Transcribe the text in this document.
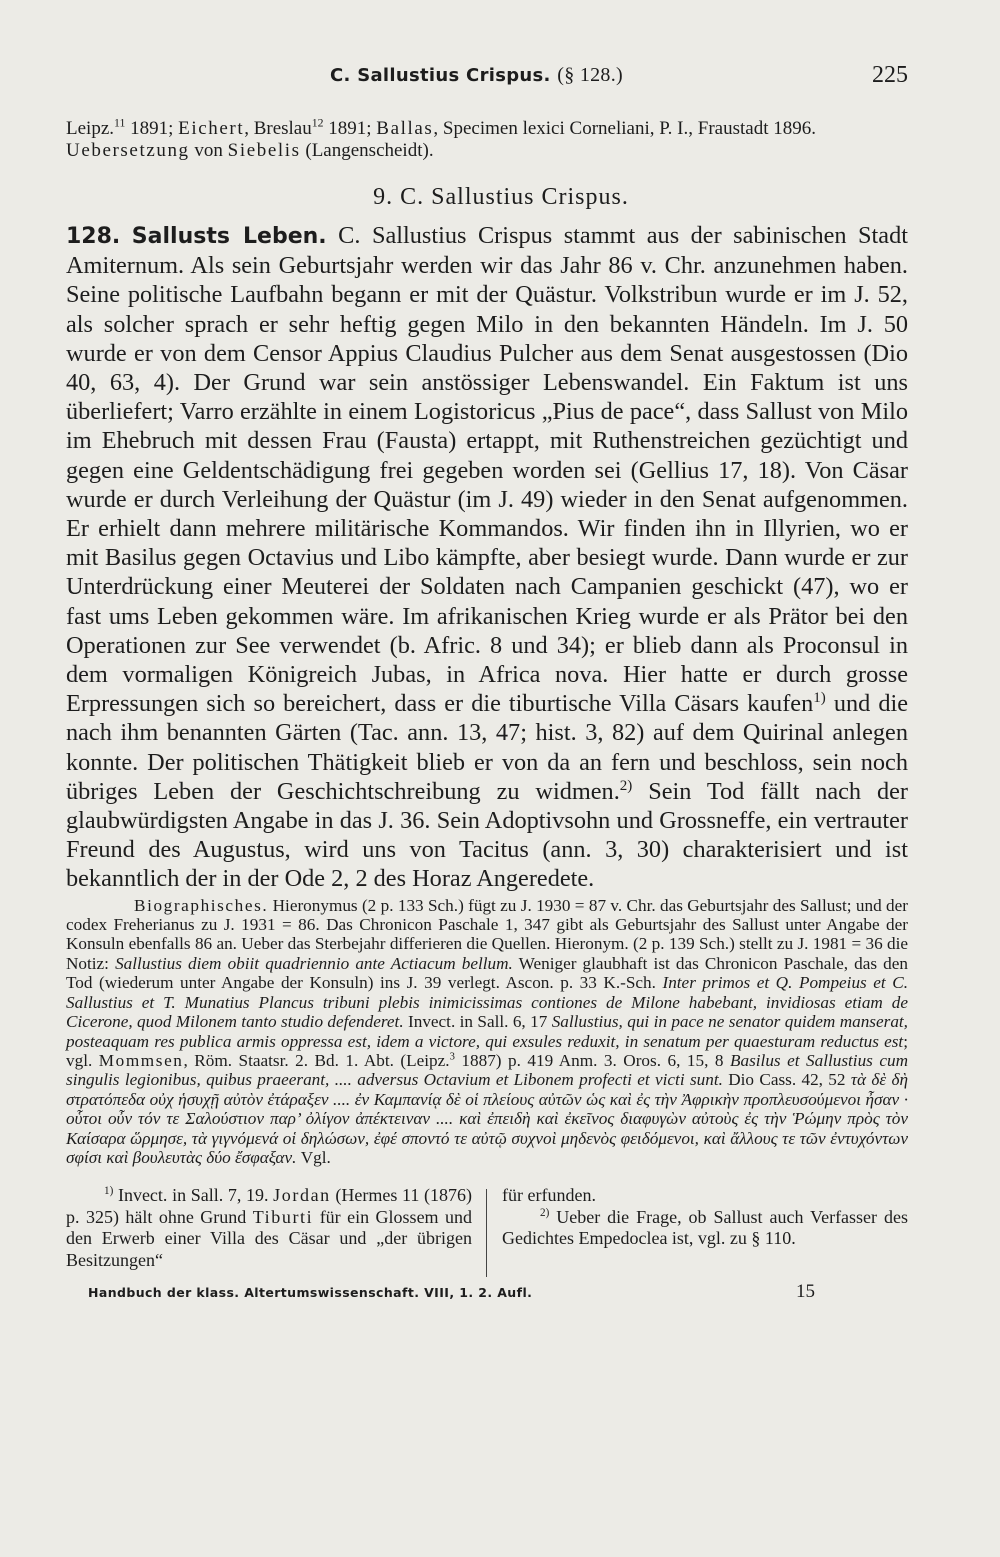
C. Sallustius Crispus. (§ 128.)	225

Leipz.$^{11}$ 1891; Eichert, Breslau$^{12}$ 1891; Ballas, Specimen lexici Corneliani, P. I., Fraustadt 1896.

Uebersetzung von Siebelis (Langenscheidt).

9. C. Sallustius Crispus.

128. Sallusts Leben. C. Sallustius Crispus stammt aus der sabinischen Stadt Amiternum. Als sein Geburtsjahr werden wir das Jahr 86 v. Chr. anzunehmen haben. Seine politische Laufbahn begann er mit der Quästur. Volkstribun wurde er im J. 52, als solcher sprach er sehr heftig gegen Milo in den bekannten Händeln. Im J. 50 wurde er von dem Censor Appius Claudius Pulcher aus dem Senat ausgestossen (Dio 40, 63, 4). Der Grund war sein anstössiger Lebenswandel. Ein Faktum ist uns überliefert; Varro erzählte in einem Logistoricus „Pius de pace“, dass Sallust von Milo im Ehebruch mit dessen Frau (Fausta) ertappt, mit Ruthenstreichen gezüchtigt und gegen eine Geldentschädigung frei gegeben worden sei (Gellius 17, 18). Von Cäsar wurde er durch Verleihung der Quästur (im J. 49) wieder in den Senat aufgenommen. Er erhielt dann mehrere militärische Kommandos. Wir finden ihn in Illyrien, wo er mit Basilus gegen Octavius und Libo kämpfte, aber besiegt wurde. Dann wurde er zur Unterdrückung einer Meuterei der Soldaten nach Campanien geschickt (47), wo er fast ums Leben gekommen wäre. Im afrikanischen Krieg wurde er als Prätor bei den Operationen zur See verwendet (b. Afric. 8 und 34); er blieb dann als Proconsul in dem vormaligen Königreich Jubas, in Africa nova. Hier hatte er durch grosse Erpressungen sich so bereichert, dass er die tiburtische Villa Cäsars kaufen$^{1)}$ und die nach ihm benannten Gärten (Tac. ann. 13, 47; hist. 3, 82) auf dem Quirinal anlegen konnte. Der politischen Thätigkeit blieb er von da an fern und beschloss, sein noch übriges Leben der Geschichtschreibung zu widmen.$^{2)}$ Sein Tod fällt nach der glaubwürdigsten Angabe in das J. 36. Sein Adoptivsohn und Grossneffe, ein vertrauter Freund des Augustus, wird uns von Tacitus (ann. 3, 30) charakterisiert und ist bekanntlich der in der Ode 2, 2 des Horaz Angeredete.

Biographisches. Hieronymus (2 p. 133 Sch.) fügt zu J. 1930 = 87 v. Chr. das Geburtsjahr des Sallust; und der codex Freherianus zu J. 1931 = 86. Das Chronicon Paschale 1, 347 gibt als Geburtsjahr des Sallust unter Angabe der Konsuln ebenfalls 86 an. Ueber das Sterbejahr differieren die Quellen. Hieronym. (2 p. 139 Sch.) stellt zu J. 1981 = 36 die Notiz: Sallustius diem obiit quadriennio ante Actiacum bellum. Weniger glaubhaft ist das Chronicon Paschale, das den Tod (wiederum unter Angabe der Konsuln) ins J. 39 verlegt. Ascon. p. 33 K.-Sch. Inter primos et Q. Pompeius et C. Sallustius et T. Munatius Plancus tribuni plebis inimicissimas contiones de Milone habebant, invidiosas etiam de Cicerone, quod Milonem tanto studio defenderet. Invect. in Sall. 6, 17 Sallustius, qui in pace ne senator quidem manserat, posteaquam res publica armis oppressa est, idem a victore, qui exsules reduxit, in senatum per quaesturam reductus est; vgl. Mommsen, Röm. Staatsr. 2. Bd. 1. Abt. (Leipz.$^3$ 1887) p. 419 Anm. 3. Oros. 6, 15, 8 Basilus et Sallustius cum singulis legionibus, quibus praeerant, .... adversus Octavium et Libonem profecti et victi sunt. Dio Cass. 42, 52 τὰ δὲ δὴ στρατόπεδα οὐχ ἡσυχῇ αὐτὸν ἐτάραξεν .... ἐν Καμπανίᾳ δὲ οἱ πλείους αὐτῶν ὡς καὶ ἐς τὴν Ἀφρικὴν προπλευσούμενοι ἦσαν · οὗτοι οὖν τόν τε Σαλούστιον παρ’ ὀλίγον ἀπέκτειναν .... καὶ ἐπειδὴ καὶ ἐκεῖνος διαφυγὼν αὐτοὺς ἐς τὴν Ῥώμην πρὸς τὸν Καίσαρα ὥρμησε, τὰ γιγνόμενά οἱ δηλώσων, ἐφέ σποντό τε αὐτῷ συχνοὶ μηδενὸς φειδόμενοι, καὶ ἄλλους τε τῶν ἐντυχόντων σφίσι καὶ βουλευτὰς δύο ἔσφαξαν. Vgl.

$^{1)}$ Invect. in Sall. 7, 19. Jordan (Hermes 11 (1876) p. 325) hält ohne Grund Tiburti für ein Glossem und den Erwerb einer Villa des Cäsar und „der übrigen Besitzungen“

für erfunden.

$^{2)}$ Ueber die Frage, ob Sallust auch Verfasser des Gedichtes Empedoclea ist, vgl. zu § 110.

Handbuch der klass. Altertumswissenschaft. VIII, 1. 2. Aufl.	15
